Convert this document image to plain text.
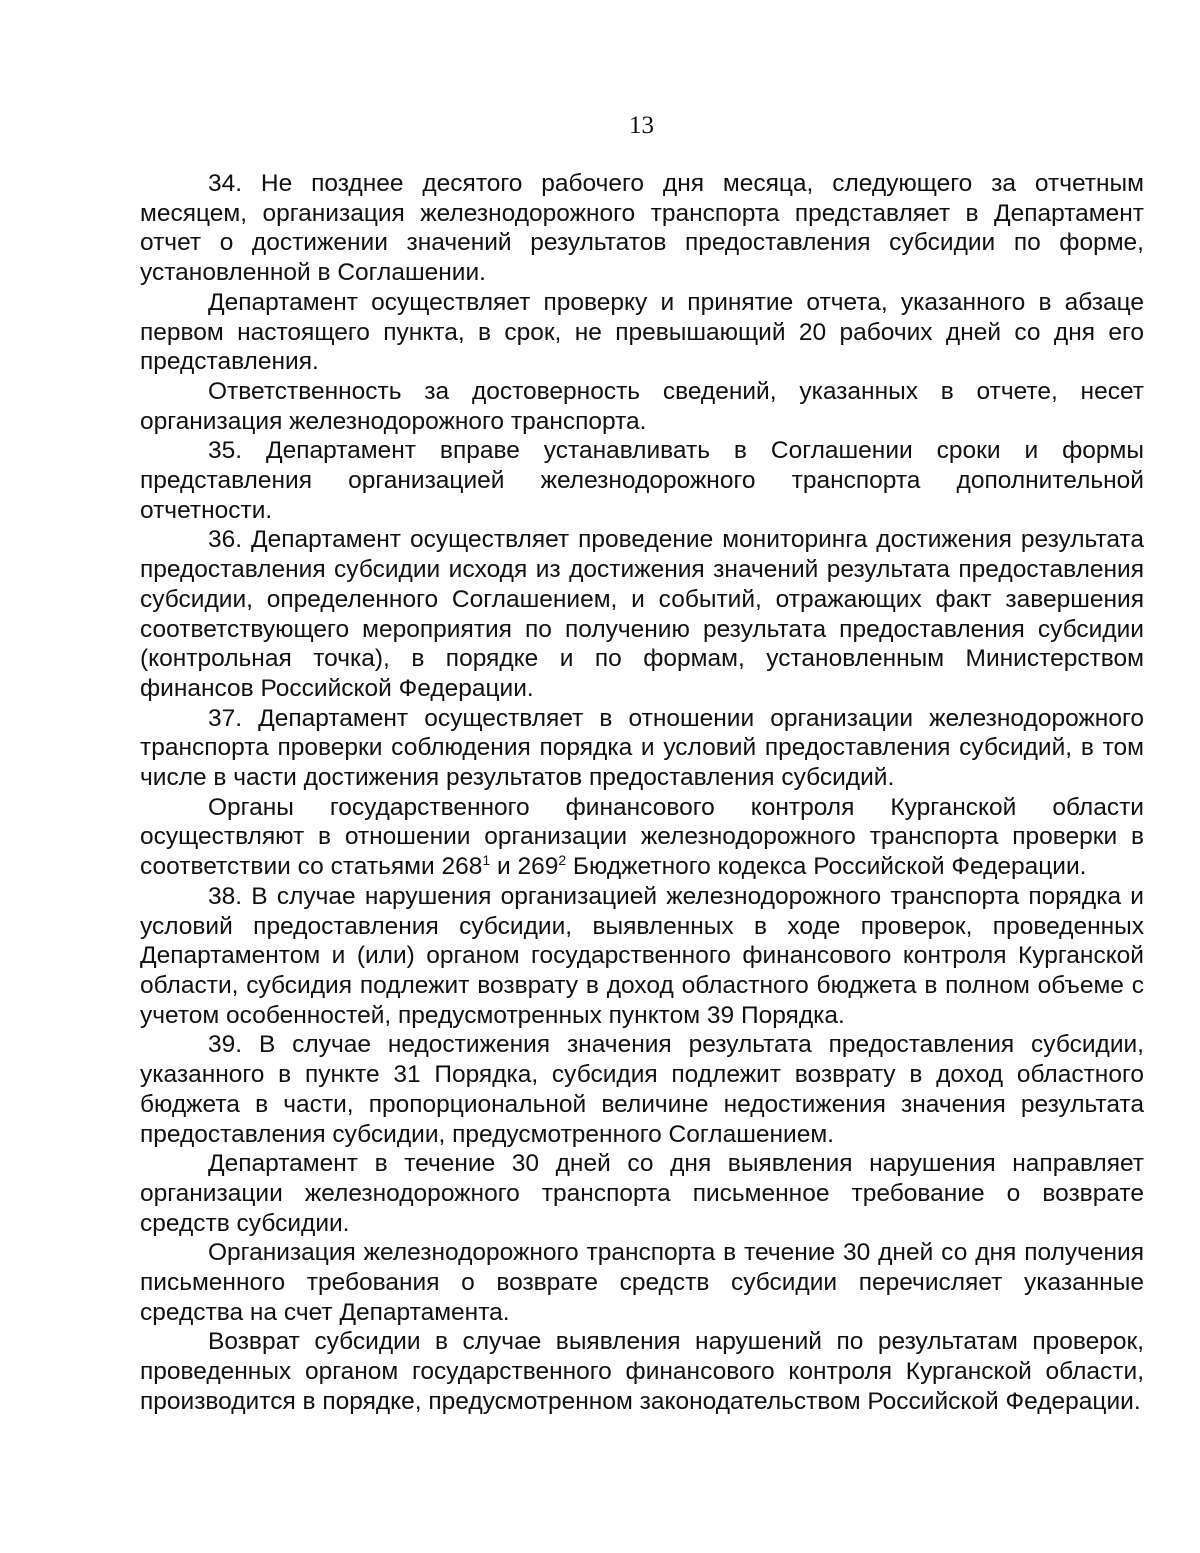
13

34. Не позднее десятого рабочего дня месяца, следующего за отчетным месяцем, организация железнодорожного транспорта представляет в Департамент отчет о достижении значений результатов предоставления субсидии по форме, установленной в Соглашении.

Департамент осуществляет проверку и принятие отчета, указанного в абзаце первом настоящего пункта, в срок, не превышающий 20 рабочих дней со дня его представления.

Ответственность за достоверность сведений, указанных в отчете, несет организация железнодорожного транспорта.

35. Департамент вправе устанавливать в Соглашении сроки и формы представления организацией железнодорожного транспорта дополнительной отчетности.

36. Департамент осуществляет проведение мониторинга достижения результата предоставления субсидии исходя из достижения значений результата предоставления субсидии, определенного Соглашением, и событий, отражающих факт завершения соответствующего мероприятия по получению результата предоставления субсидии (контрольная точка), в порядке и по формам, установленным Министерством финансов Российской Федерации.

37. Департамент осуществляет в отношении организации железнодорожного транспорта проверки соблюдения порядка и условий предоставления субсидий, в том числе в части достижения результатов предоставления субсидий.

Органы государственного финансового контроля Курганской области осуществляют в отношении организации железнодорожного транспорта проверки в соответствии со статьями $268^1$ и $269^2$ Бюджетного кодекса Российской Федерации.

38. В случае нарушения организацией железнодорожного транспорта порядка и условий предоставления субсидии, выявленных в ходе проверок, проведенных Департаментом и (или) органом государственного финансового контроля Курганской области, субсидия подлежит возврату в доход областного бюджета в полном объеме с учетом особенностей, предусмотренных пунктом 39 Порядка.

39. В случае недостижения значения результата предоставления субсидии, указанного в пункте 31 Порядка, субсидия подлежит возврату в доход областного бюджета в части, пропорциональной величине недостижения значения результата предоставления субсидии, предусмотренного Соглашением.

Департамент в течение 30 дней со дня выявления нарушения направляет организации железнодорожного транспорта письменное требование о возврате средств субсидии.

Организация железнодорожного транспорта в течение 30 дней со дня получения письменного требования о возврате средств субсидии перечисляет указанные средства на счет Департамента.

Возврат субсидии в случае выявления нарушений по результатам проверок, проведенных органом государственного финансового контроля Курганской области, производится в порядке, предусмотренном законодательством Российской Федерации.
